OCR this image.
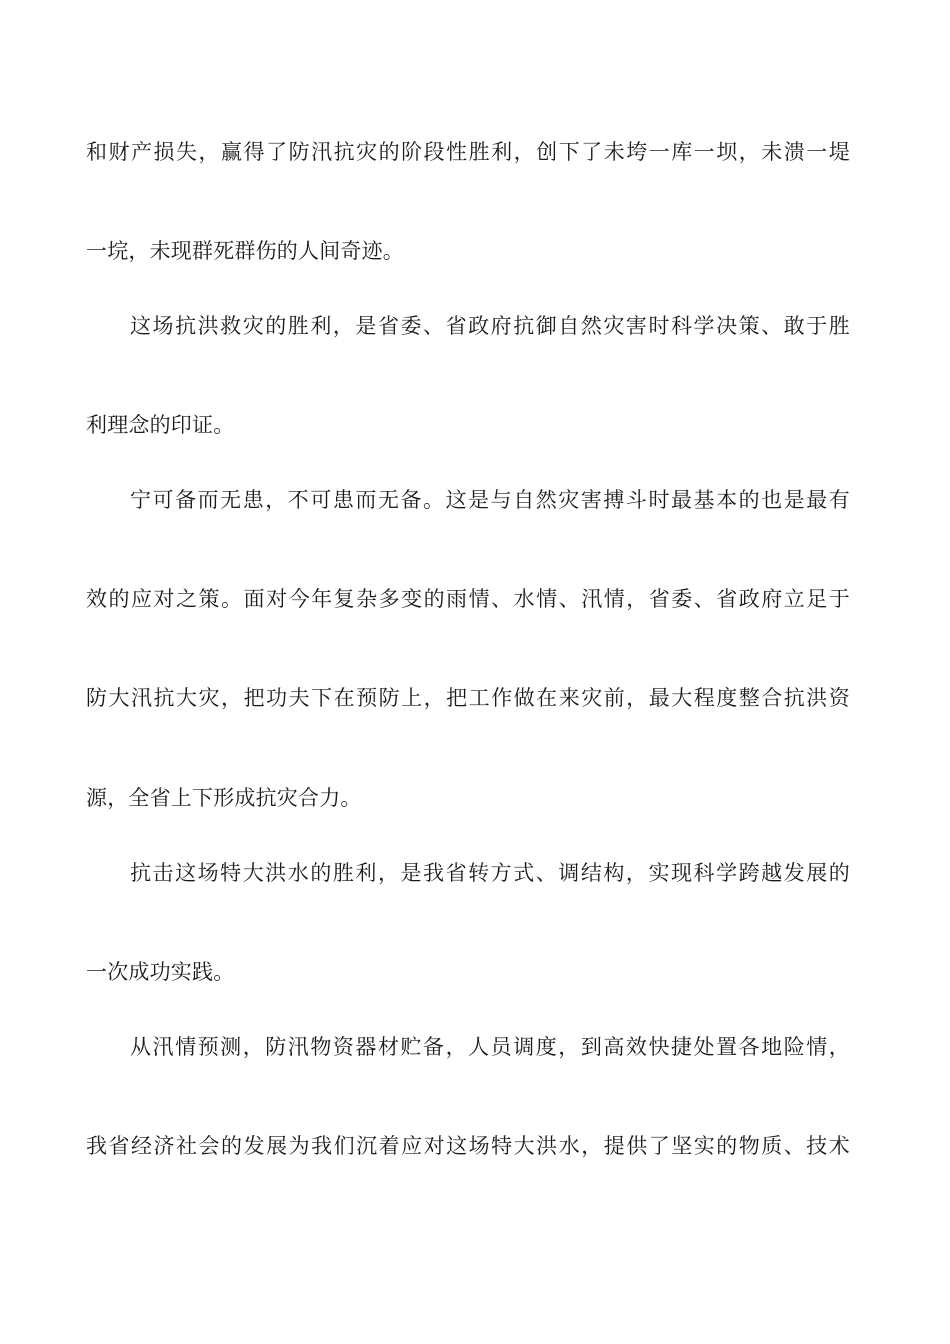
和财产损失，赢得了防汛抗灾的阶段性胜利，创下了未垮一库一坝，未溃一堤
一垸，未现群死群伤的人间奇迹。
这场抗洪救灾的胜利，是省委、省政府抗御自然灾害时科学决策、敢于胜
利理念的印证。
宁可备而无患，不可患而无备。这是与自然灾害搏斗时最基本的也是最有
效的应对之策。面对今年复杂多变的雨情、水情、汛情，省委、省政府立足于
防大汛抗大灾，把功夫下在预防上，把工作做在来灾前，最大程度整合抗洪资
源，全省上下形成抗灾合力。
抗击这场特大洪水的胜利，是我省转方式、调结构，实现科学跨越发展的
一次成功实践。
从汛情预测，防汛物资器材贮备，人员调度，到高效快捷处置各地险情，
我省经济社会的发展为我们沉着应对这场特大洪水，提供了坚实的物质、技术
